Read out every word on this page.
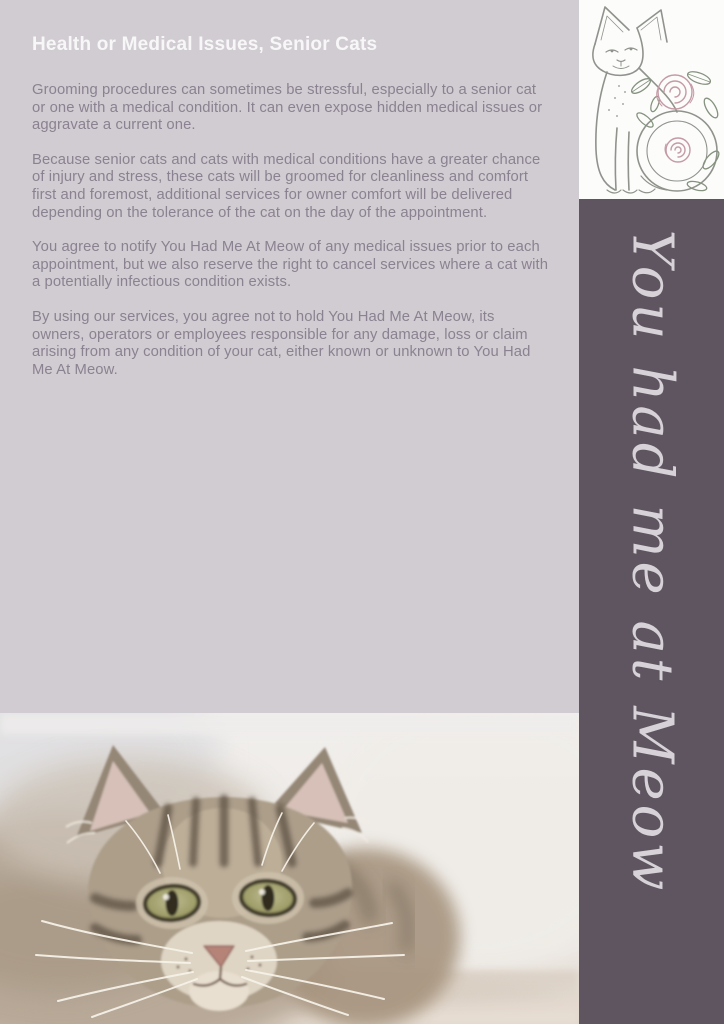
Health or Medical Issues, Senior Cats

Grooming procedures can sometimes be stressful, especially to a senior cat or one with a medical condition. It can even expose hidden medical issues or aggravate a current one.

Because senior cats and cats with medical conditions have a greater chance of injury and stress, these cats will be groomed for cleanliness and comfort first and foremost, additional services for owner comfort will be delivered depending on the tolerance of the cat on the day of the appointment.

You agree to notify You Had Me At Meow of any medical issues prior to each appointment, but we also reserve the right to cancel services where a cat with a potentially infectious condition exists.

By using our services, you agree not to hold You Had Me At Meow, its owners, operators or employees responsible for any damage, loss or claim arising from any condition of your cat, either known or unknown to You Had Me At Meow.	You had me at Meow
